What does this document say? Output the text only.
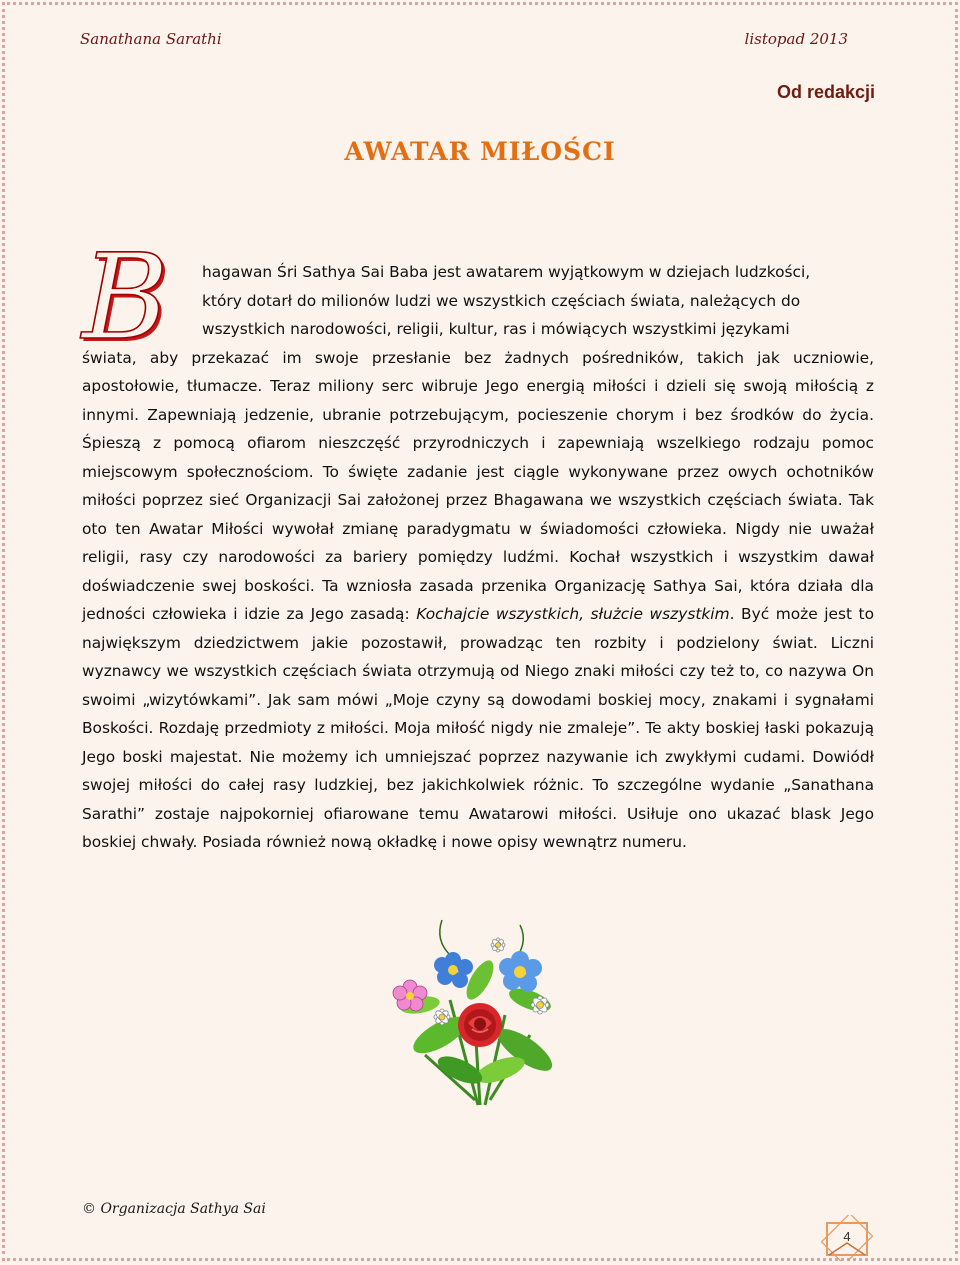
Sanathana Sarathi	listopad 2013
Od redakcji
AWATAR MIŁOŚCI
B	hagawan Śri Sathya Sai Baba jest awatarem wyjątkowym w dziejach ludzkości,
który dotarł do milionów ludzi we wszystkich częściach świata, należących do
wszystkich narodowości, religii, kultur, ras i mówiących wszystkimi językami
świata, aby przekazać im swoje przesłanie bez żadnych pośredników, takich jak uczniowie, apostołowie, tłumacze. Teraz miliony serc wibruje Jego energią miłości i dzieli się swoją miłością z innymi. Zapewniają jedzenie, ubranie potrzebującym, pocieszenie chorym i bez środków do życia. Śpieszą z pomocą ofiarom nieszczęść przyrodniczych i zapewniają wszelkiego rodzaju pomoc miejscowym społecznościom. To święte zadanie jest ciągle wykonywane przez owych ochotników miłości poprzez sieć Organizacji Sai założonej przez Bhagawana we wszystkich częściach świata. Tak oto ten Awatar Miłości wywołał zmianę paradygmatu w świadomości człowieka. Nigdy nie uważał religii, rasy czy narodowości za bariery pomiędzy ludźmi. Kochał wszystkich i wszystkim dawał doświadczenie swej boskości. Ta wzniosła zasada przenika Organizację Sathya Sai, która działa dla jedności człowieka i idzie za Jego zasadą: Kochajcie wszystkich, służcie wszystkim. Być może jest to największym dziedzictwem jakie pozostawił, prowadząc ten rozbity i podzielony świat. Liczni wyznawcy we wszystkich częściach świata otrzymują od Niego znaki miłości czy też to, co nazywa On swoimi „wizytówkami”. Jak sam mówi „Moje czyny są dowodami boskiej mocy, znakami i sygnałami Boskości. Rozdaję przedmioty z miłości. Moja miłość nigdy nie zmaleje”. Te akty boskiej łaski pokazują Jego boski majestat. Nie możemy ich umniejszać poprzez nazywanie ich zwykłymi cudami. Dowiódł swojej miłości do całej rasy ludzkiej, bez jakichkolwiek różnic. To szczególne wydanie „Sanathana Sarathi” zostaje najpokorniej ofiarowane temu Awatarowi miłości. Usiłuje ono ukazać blask Jego boskiej chwały. Posiada również nową okładkę i nowe opisy wewnątrz numeru.

© Organizacja Sathya Sai
4
